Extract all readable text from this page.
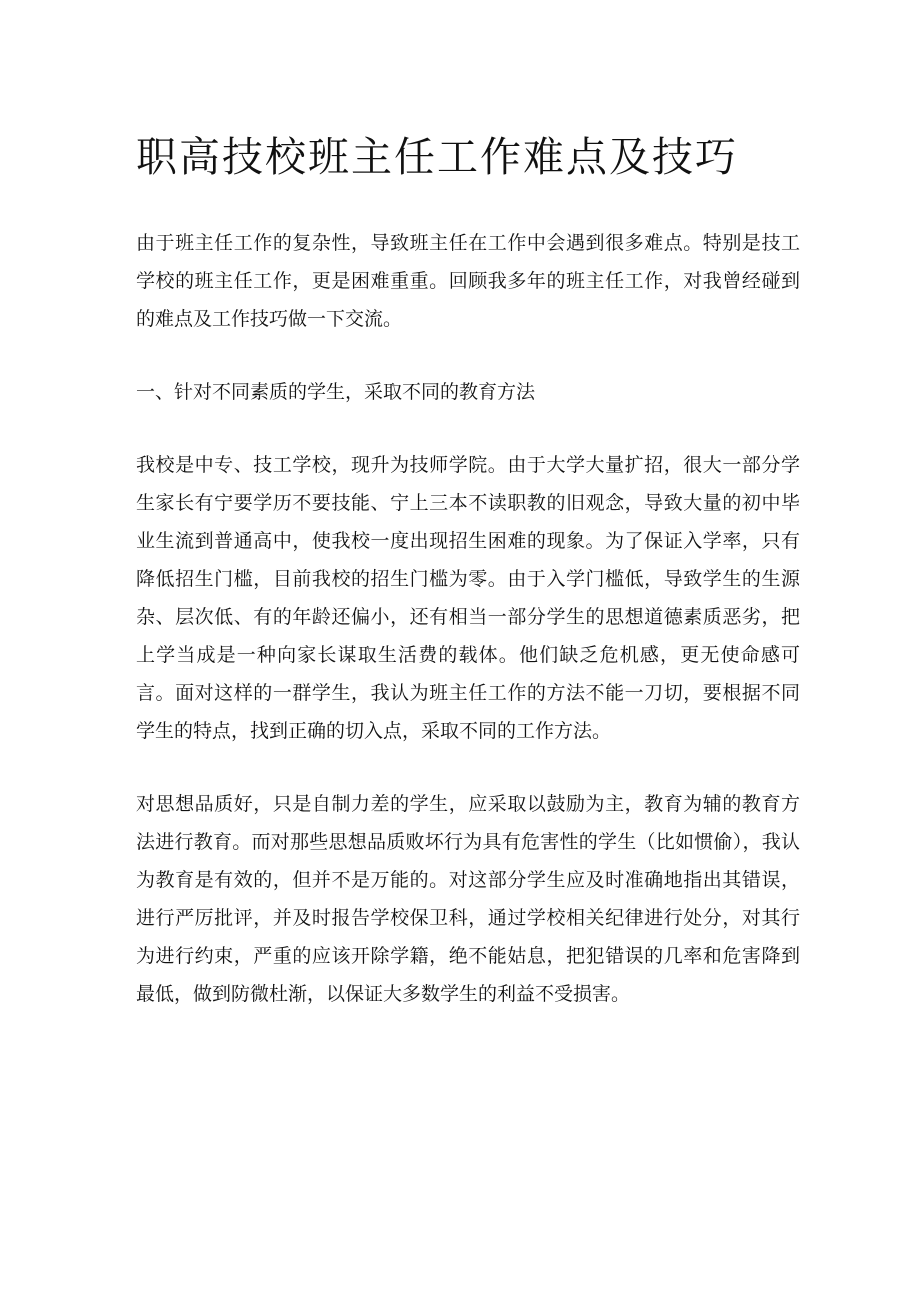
职高技校班主任工作难点及技巧

由于班主任工作的复杂性，导致班主任在工作中会遇到很多难点。特别是技工学校的班主任工作，更是困难重重。回顾我多年的班主任工作，对我曾经碰到的难点及工作技巧做一下交流。

一、针对不同素质的学生，采取不同的教育方法

我校是中专、技工学校，现升为技师学院。由于大学大量扩招，很大一部分学生家长有宁要学历不要技能、宁上三本不读职教的旧观念，导致大量的初中毕业生流到普通高中，使我校一度出现招生困难的现象。为了保证入学率，只有降低招生门槛，目前我校的招生门槛为零。由于入学门槛低，导致学生的生源杂、层次低、有的年龄还偏小，还有相当一部分学生的思想道德素质恶劣，把上学当成是一种向家长谋取生活费的载体。他们缺乏危机感，更无使命感可言。面对这样的一群学生，我认为班主任工作的方法不能一刀切，要根据不同学生的特点，找到正确的切入点，采取不同的工作方法。

对思想品质好，只是自制力差的学生，应采取以鼓励为主，教育为辅的教育方法进行教育。而对那些思想品质败坏行为具有危害性的学生（比如惯偷），我认为教育是有效的，但并不是万能的。对这部分学生应及时准确地指出其错误，进行严厉批评，并及时报告学校保卫科，通过学校相关纪律进行处分，对其行为进行约束，严重的应该开除学籍，绝不能姑息，把犯错误的几率和危害降到最低，做到防微杜渐，以保证大多数学生的利益不受损害。
